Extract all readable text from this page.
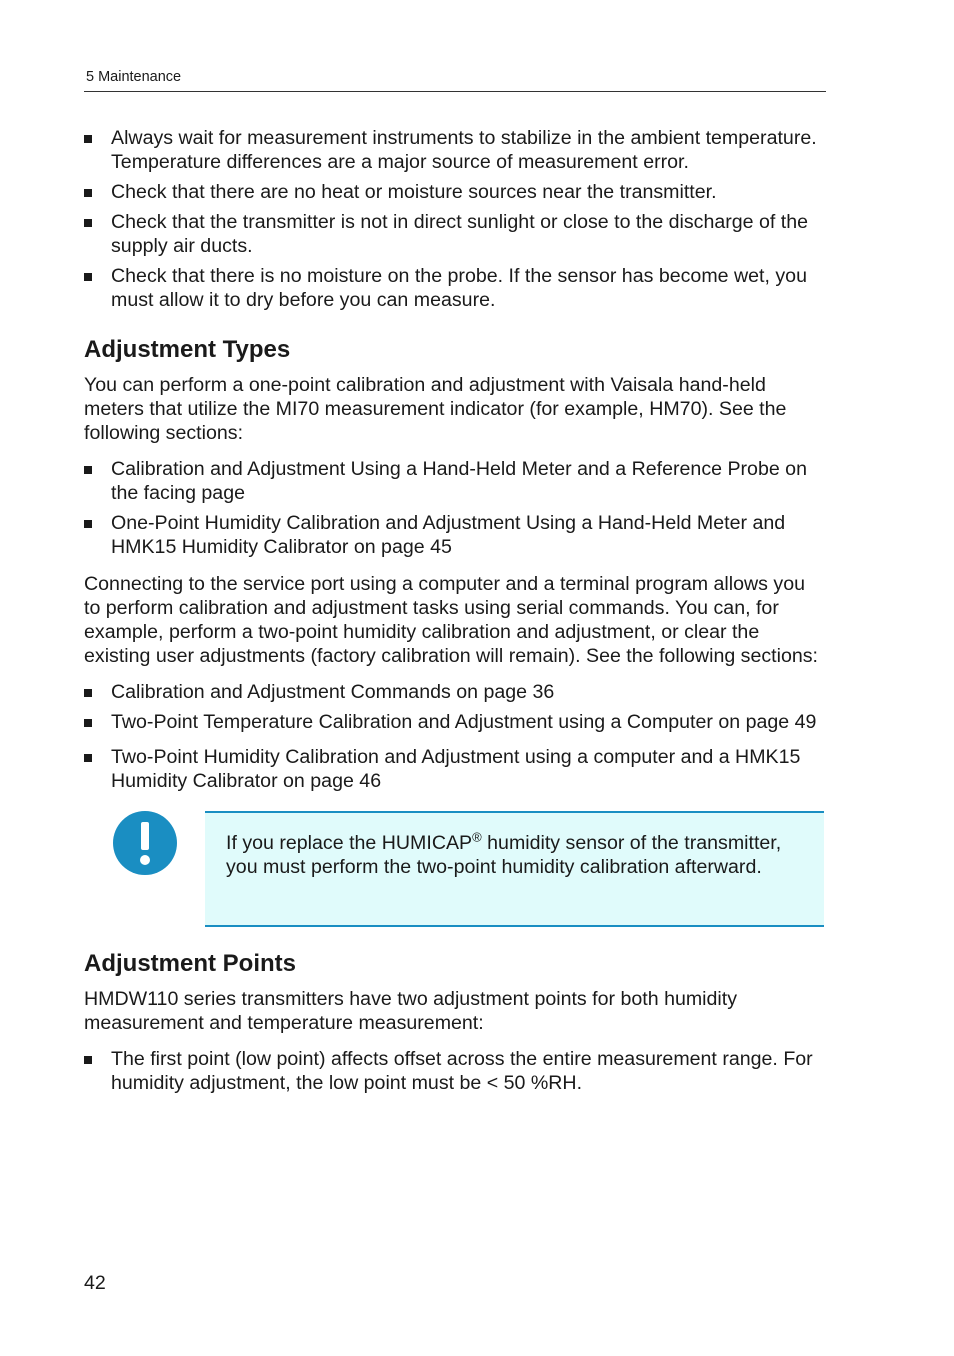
5 Maintenance
Always wait for measurement instruments to stabilize in the ambient temperature. Temperature differences are a major source of measurement error.
Check that there are no heat or moisture sources near the transmitter.
Check that the transmitter is not in direct sunlight or close to the discharge of the supply air ducts.
Check that there is no moisture on the probe. If the sensor has become wet, you must allow it to dry before you can measure.
Adjustment Types

You can perform a one-point calibration and adjustment with Vaisala hand-held meters that utilize the MI70 measurement indicator (for example, HM70). See the following sections:

Calibration and Adjustment Using a Hand-Held Meter and a Reference Probe on the facing page
One-Point Humidity Calibration and Adjustment Using a Hand-Held Meter and HMK15 Humidity Calibrator on page 45

Connecting to the service port using a computer and a terminal program allows you to perform calibration and adjustment tasks using serial commands. You can, for example, perform a two-point humidity calibration and adjustment, or clear the existing user adjustments (factory calibration will remain). See the following sections:

Calibration and Adjustment Commands on page 36
Two-Point Temperature Calibration and Adjustment using a Computer on page 49
Two-Point Humidity Calibration and Adjustment using a computer and a HMK15 Humidity Calibrator on page 46
If you replace the HUMICAP® humidity sensor of the transmitter, you must perform the two-point humidity calibration afterward.
Adjustment Points

HMDW110 series transmitters have two adjustment points for both humidity measurement and temperature measurement:

The first point (low point) affects offset across the entire measurement range. For humidity adjustment, the low point must be < 50 %RH.
42
